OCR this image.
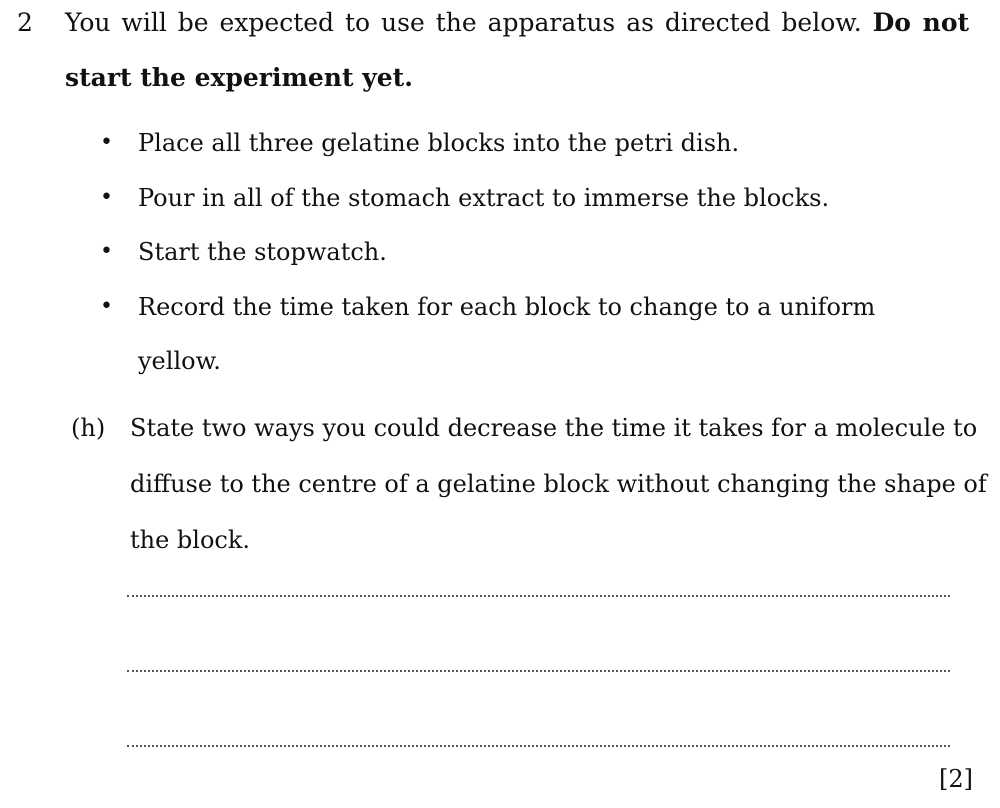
2 You will be expected to use the apparatus as directed below. Do not
start the experiment yet.
• Place all three gelatine blocks into the petri dish.
• Pour in all of the stomach extract to immerse the blocks.
• Start the stopwatch.
• Record the time taken for each block to change to a uniform
yellow.
(h) State two ways you could decrease the time it takes for a molecule to
diffuse to the centre of a gelatine block without changing the shape of
the block.
[2]
